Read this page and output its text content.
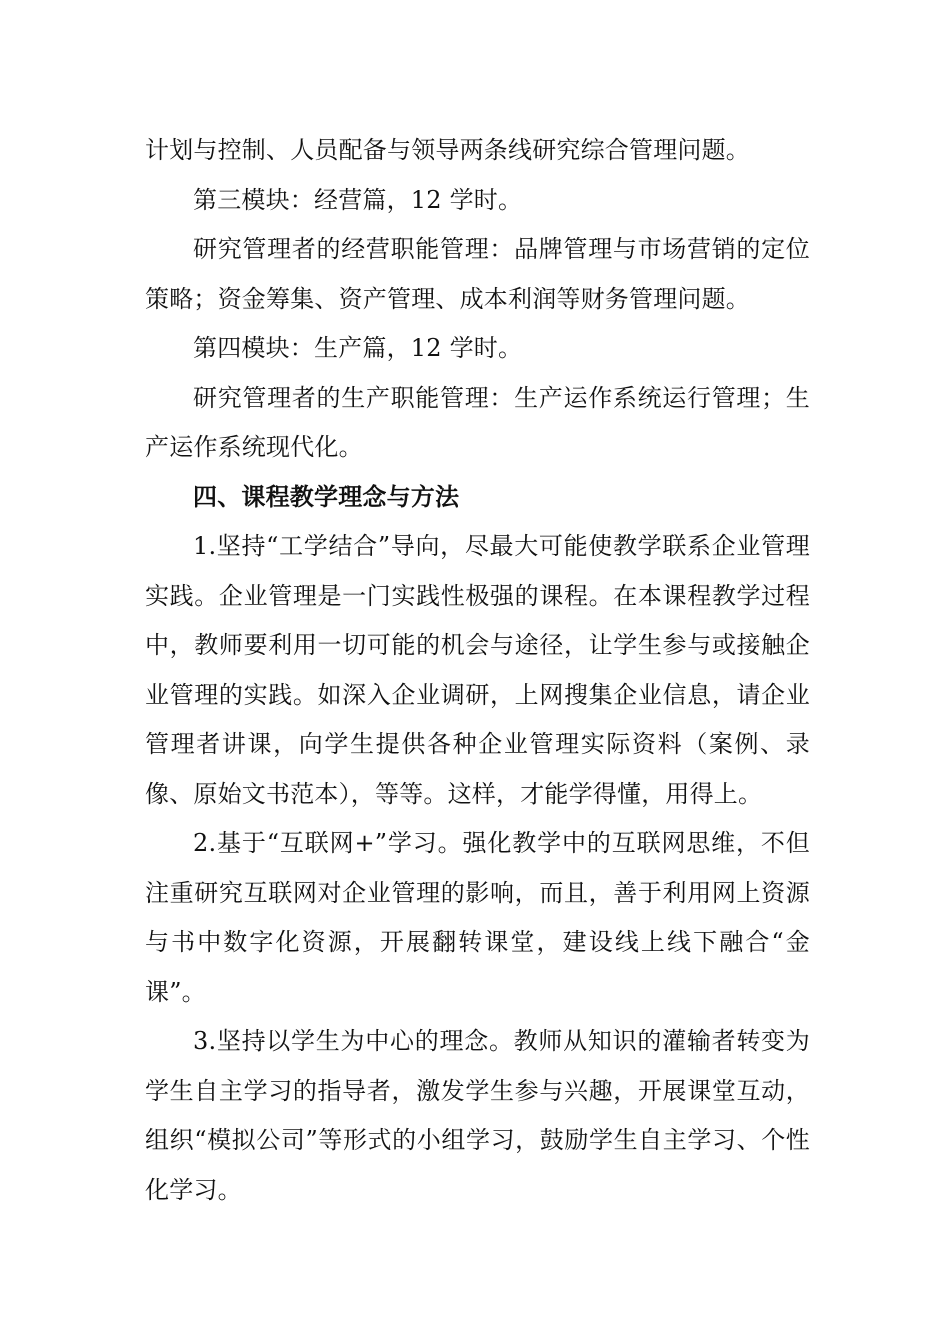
计划与控制、人员配备与领导两条线研究综合管理问题。

第三模块：经营篇，12 学时。

研究管理者的经营职能管理：品牌管理与市场营销的定位策略；资金筹集、资产管理、成本利润等财务管理问题。

第四模块：生产篇，12 学时。

研究管理者的生产职能管理：生产运作系统运行管理；生产运作系统现代化。

四、课程教学理念与方法

1.坚持“工学结合”导向，尽最大可能使教学联系企业管理实践。企业管理是一门实践性极强的课程。在本课程教学过程中，教师要利用一切可能的机会与途径，让学生参与或接触企业管理的实践。如深入企业调研，上网搜集企业信息，请企业管理者讲课，向学生提供各种企业管理实际资料（案例、录像、原始文书范本），等等。这样，才能学得懂，用得上。

2.基于“互联网+”学习。强化教学中的互联网思维，不但注重研究互联网对企业管理的影响，而且，善于利用网上资源与书中数字化资源，开展翻转课堂，建设线上线下融合“金课”。

3.坚持以学生为中心的理念。教师从知识的灌输者转变为学生自主学习的指导者，激发学生参与兴趣，开展课堂互动，组织“模拟公司”等形式的小组学习，鼓励学生自主学习、个性化学习。
